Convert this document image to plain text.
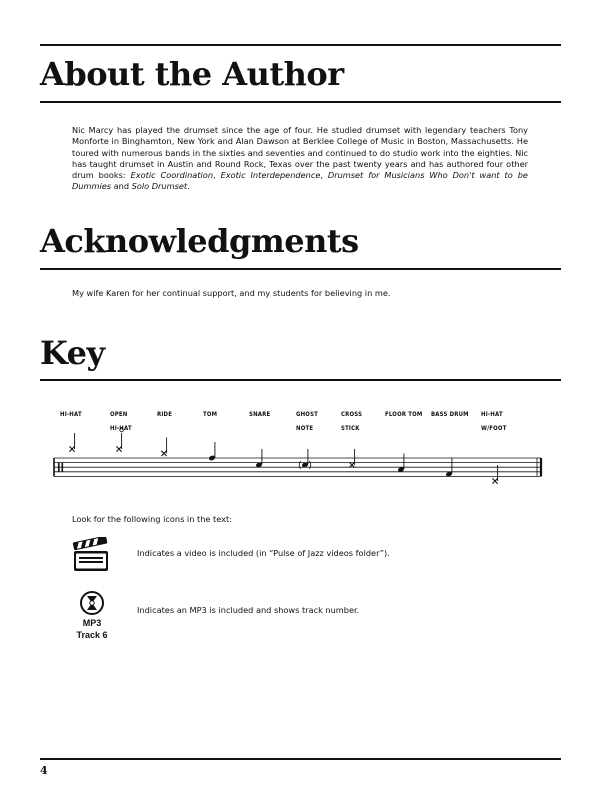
About the Author

Nic Marcy has played the drumset since the age of four. He studied drumset with legendary teachers Tony Monforte in Binghamton, New York and Alan Dawson at Berklee College of Music in Boston, Massachusetts. He toured with numerous bands in the sixties and seventies and continued to do studio work into the eighties. Nic has taught drumset in Austin and Round Rock, Texas over the past twenty years and has authored four other drum books: Exotic Coordination, Exotic Interdependence, Drumset for Musicians Who Don't want to be Dummies and Solo Drumset.

Acknowledgments

My wife Karen for her continual support, and my students for believing in me.

Key
HI-HAT	OPEN
HI-HAT
RIDE	TOM	SNARE	GHOST
NOTE
CROSS
STICK
FLOOR TOM BASS DRUM HI-HAT
W/FOOT

Look for the following icons in the text:

Indicates a video is included (in “Pulse of Jazz videos folder”).
MP3
Track 6
Indicates an MP3 is included and shows track number.
4
